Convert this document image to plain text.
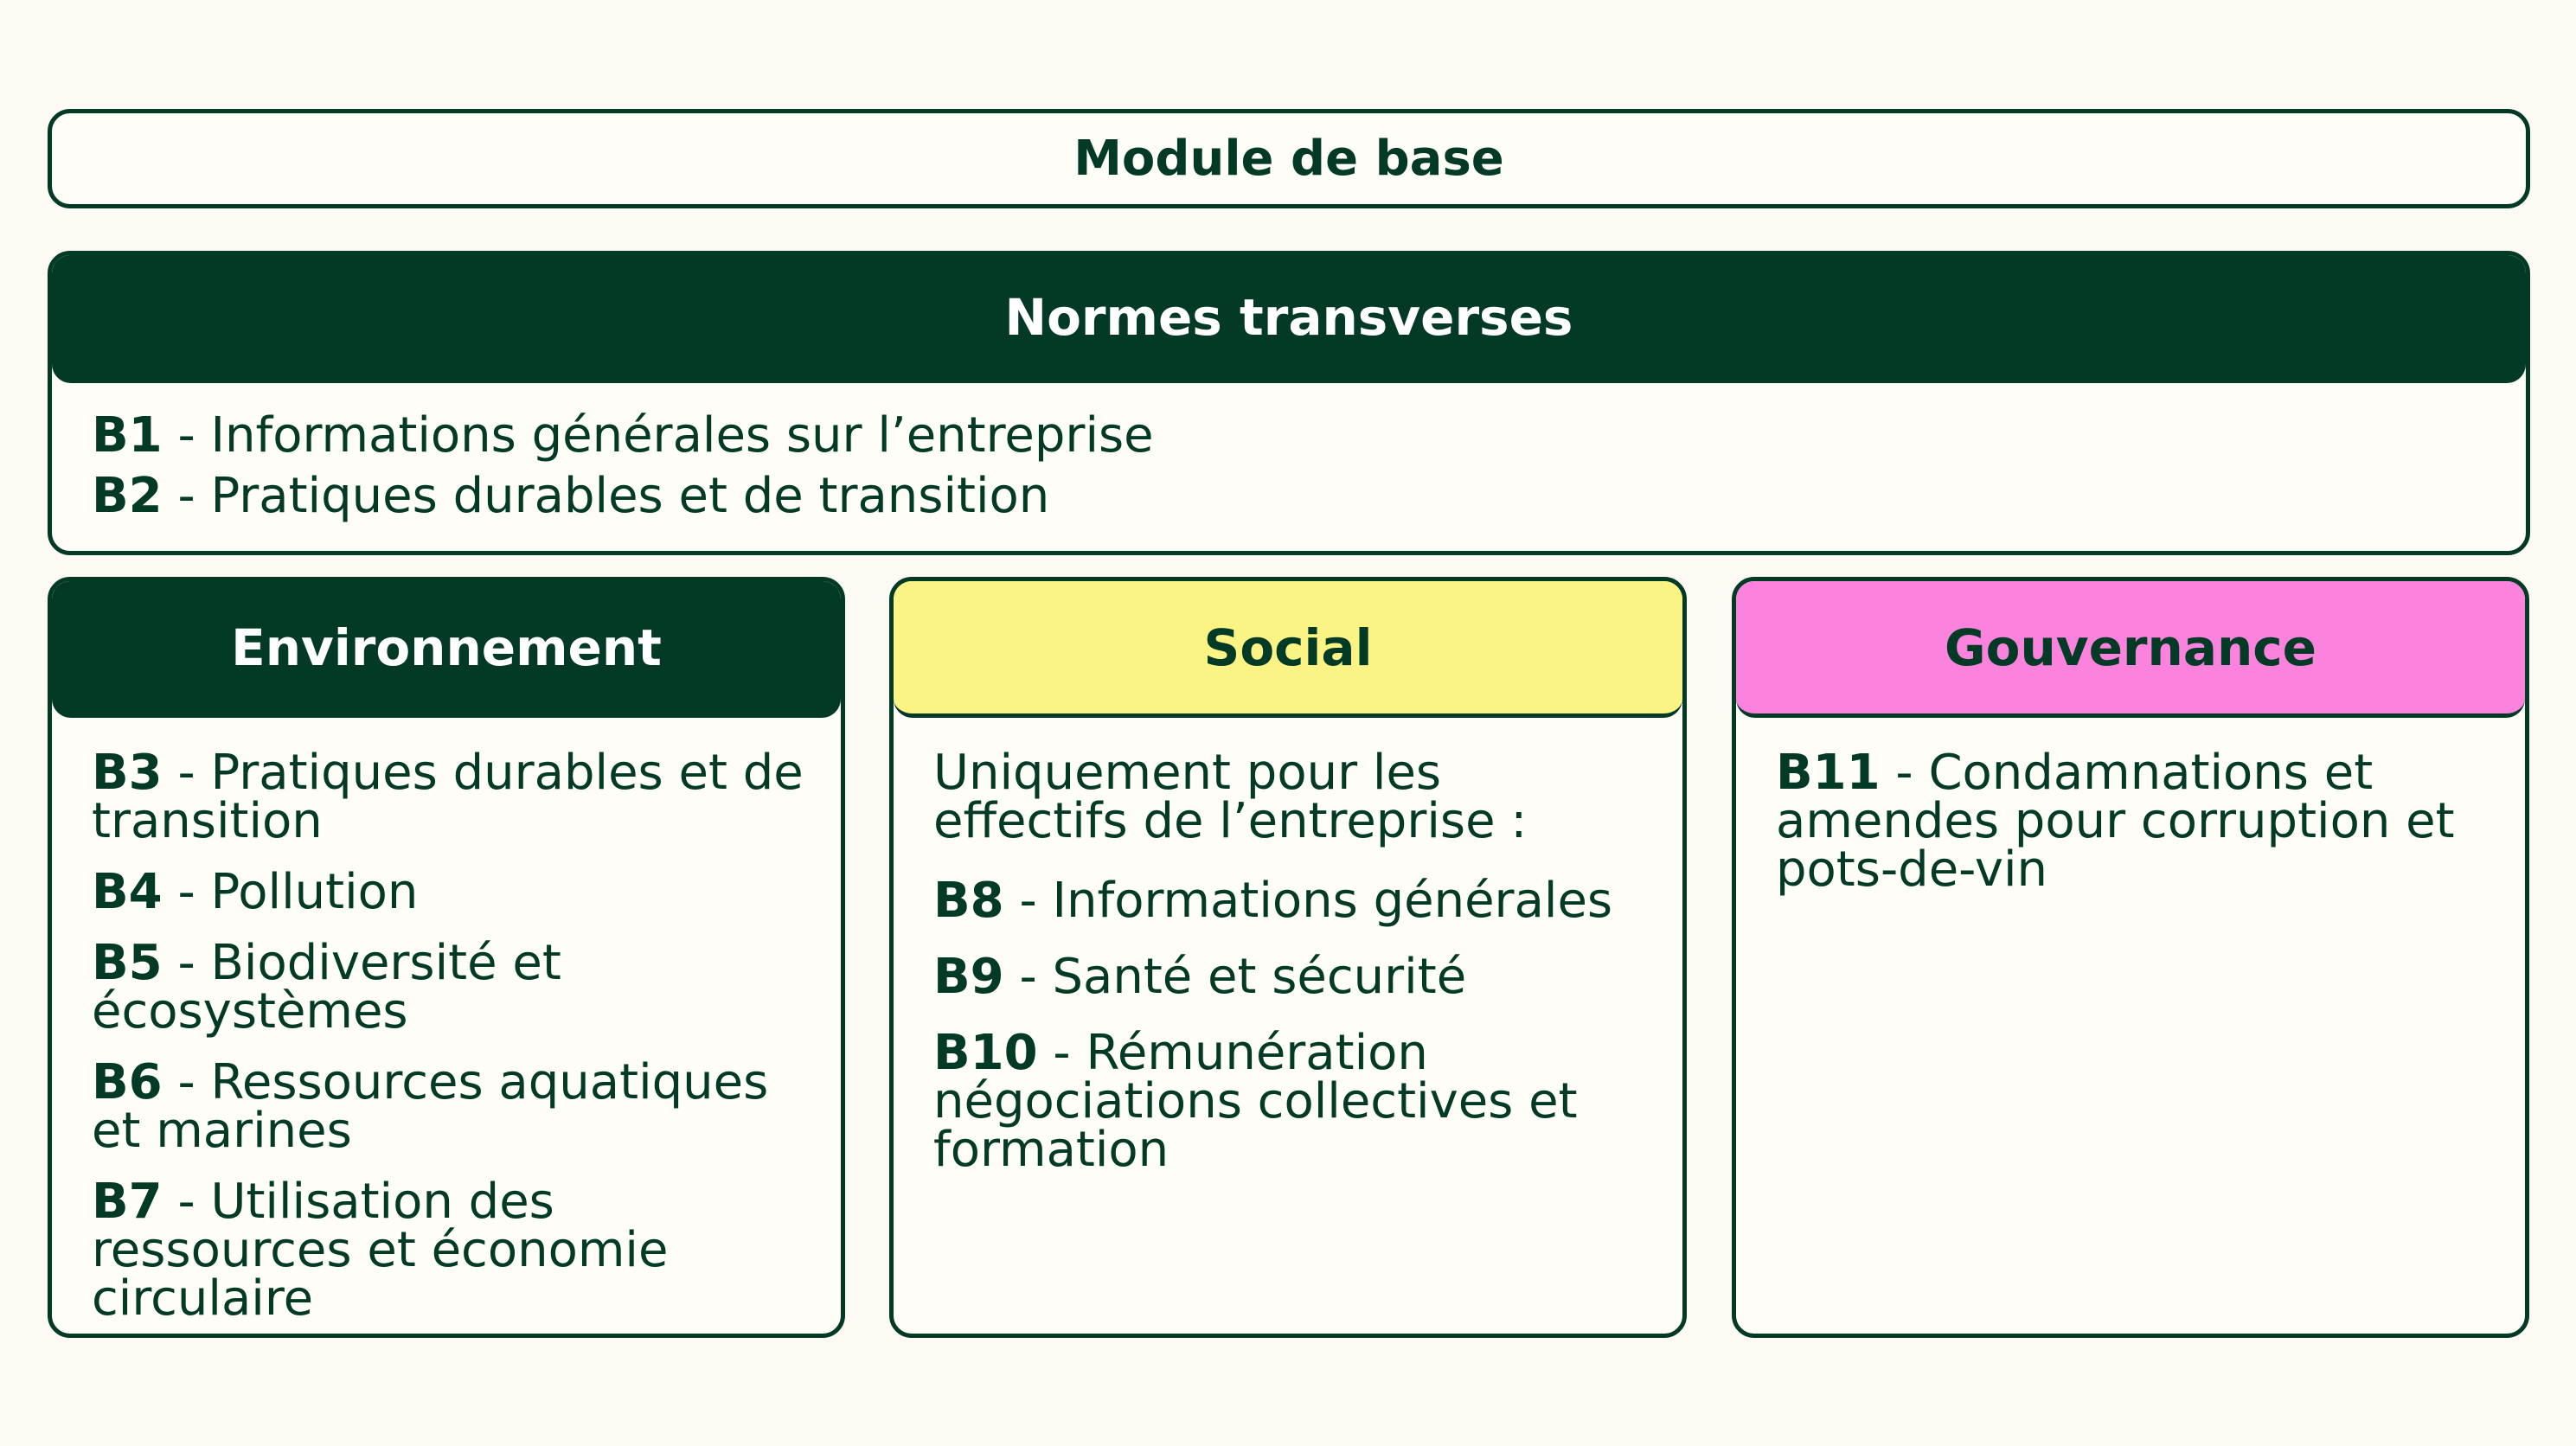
Module de base
Normes transverses
B1 - Informations générales sur l’entreprise
B2 - Pratiques durables et de transition
Environnement
B3 - Pratiques durables et de transition
B4 - Pollution
B5 - Biodiversité et écosystèmes
B6 - Ressources aquatiques et marines
B7 - Utilisation des ressources et économie circulaire
Social
Uniquement pour les effectifs de l’entreprise :
B8 - Informations générales
B9 - Santé et sécurité
B10 - Rémunération négociations collectives et formation
Gouvernance
B11 - Condamnations et amendes pour corruption et pots-de-vin
